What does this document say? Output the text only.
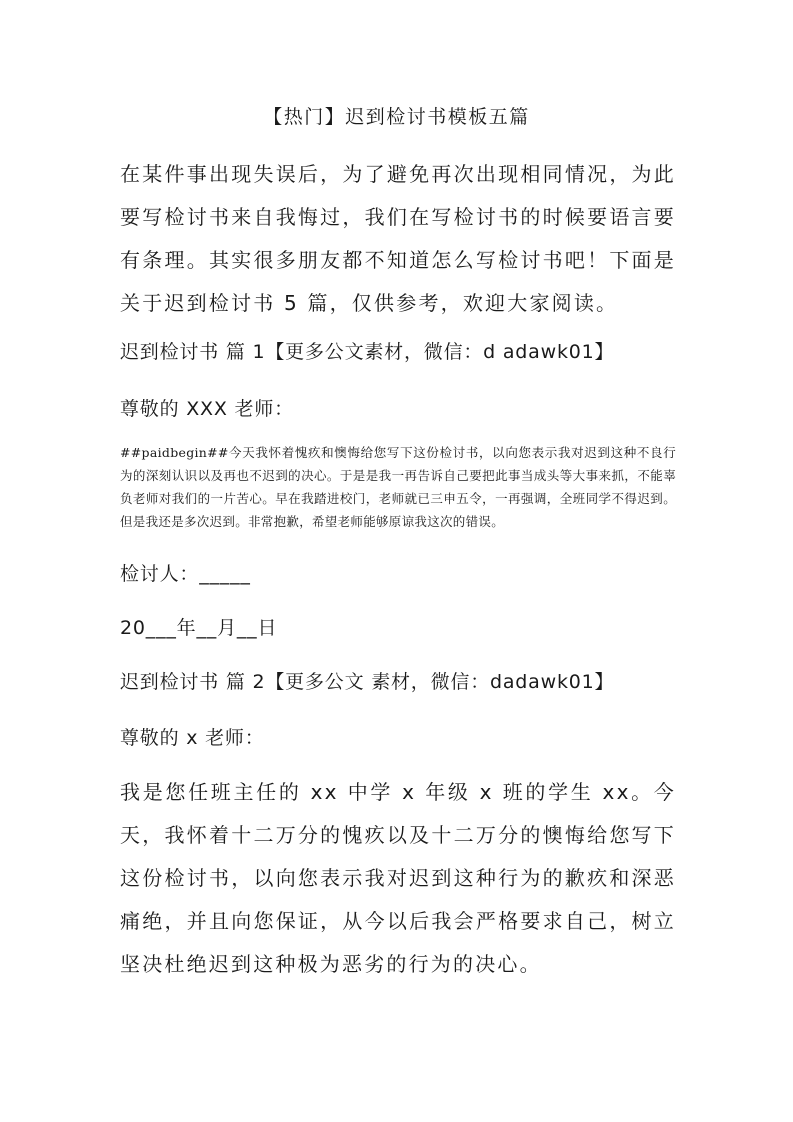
【热门】迟到检讨书模板五篇
在某件事出现失误后，为了避免再次出现相同情况，为此要写检讨书来自我悔过，我们在写检讨书的时候要语言要有条理。其实很多朋友都不知道怎么写检讨书吧！下面是关于迟到检讨书 5 篇，仅供参考，欢迎大家阅读。
迟到检讨书 篇 1【更多公文素材，微信：d adawk01】
尊敬的 XXX 老师：
##paidbegin##今天我怀着愧疚和懊悔给您写下这份检讨书，以向您表示我对迟到这种不良行为的深刻认识以及再也不迟到的决心。于是是我一再告诉自己要把此事当成头等大事来抓，不能辜负老师对我们的一片苦心。早在我踏进校门，老师就已三申五令，一再强调，全班同学不得迟到。但是我还是多次迟到。非常抱歉，希望老师能够原谅我这次的错误。
检讨人：_____
20___年__月__日
迟到检讨书 篇 2【更多公文 素材，微信：dadawk01】
尊敬的 x 老师：
我是您任班主任的 xx 中学 x 年级 x 班的学生 xx。今天，我怀着十二万分的愧疚以及十二万分的懊悔给您写下这份检讨书，以向您表示我对迟到这种行为的歉疚和深恶痛绝，并且向您保证，从今以后我会严格要求自己，树立坚决杜绝迟到这种极为恶劣的行为的决心。
